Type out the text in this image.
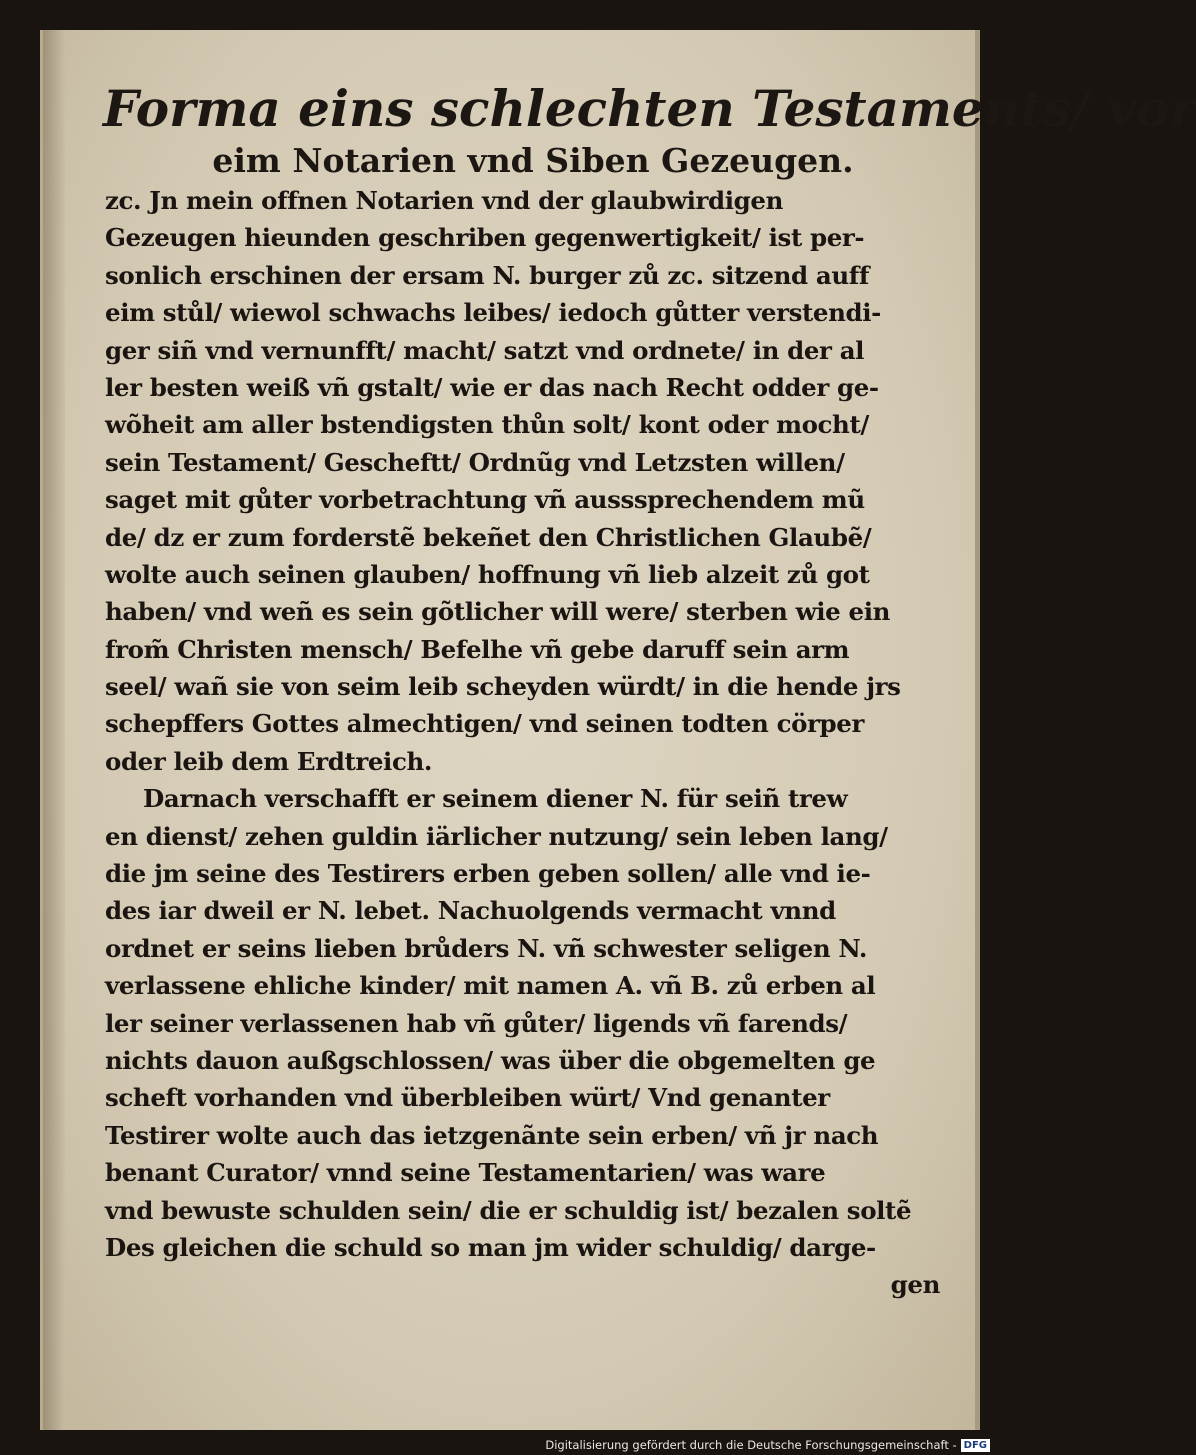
Forma eins schlechten Testaments/ vor
eim Notarien vnd Siben Gezeugen.
zc. Jn mein offnen Notarien vnd der glaubwirdigen
Gezeugen hieunden geschriben gegenwertigkeit/ ist per-
sonlich erschinen der ersam N. burger zů zc. sitzend auff
eim stůl/ wiewol schwachs leibes/ iedoch gůtter verstendi-
ger siñ vnd vernunfft/ macht/ satzt vnd ordnete/ in der al
ler besten weiß vñ gstalt/ wie er das nach Recht odder ge-
wõheit am aller bstendigsten thůn solt/ kont oder mocht/
sein Testament/ Gescheftt/ Ordnũg vnd Letzsten willen/
saget mit gůter vorbetrachtung vñ ausssprechendem mũ
de/ dz er zum forderstẽ bekeñet den Christlichen Glaubẽ/
wolte auch seinen glauben/ hoffnung vñ lieb alzeit zů got
haben/ vnd weñ es sein gõtlicher will were/ sterben wie ein
from̃ Christen mensch/ Befelhe vñ gebe daruff sein arm
seel/ wañ sie von seim leib scheyden würdt/ in die hende jrs
schepffers Gottes almechtigen/ vnd seinen todten cörper
oder leib dem Erdtreich.
Darnach verschafft er seinem diener N. für seiñ trew
en dienst/ zehen guldin iärlicher nutzung/ sein leben lang/
die jm seine des Testirers erben geben sollen/ alle vnd ie-
des iar dweil er N. lebet. Nachuolgends vermacht vnnd
ordnet er seins lieben brůders N. vñ schwester seligen N.
verlassene ehliche kinder/ mit namen A. vñ B. zů erben al
ler seiner verlassenen hab vñ gůter/ ligends vñ farends/
nichts dauon außgschlossen/ was über die obgemelten ge
scheft vorhanden vnd überbleiben würt/ Vnd genanter
Testirer wolte auch das ietzgenãnte sein erben/ vñ jr nach
benant Curator/ vnnd seine Testamentarien/ was ware
vnd bewuste schulden sein/ die er schuldig ist/ bezalen soltẽ
Des gleichen die schuld so man jm wider schuldig/ darge-
gen
Digitalisierung gefördert durch die Deutsche Forschungsgemeinschaft - DFG
